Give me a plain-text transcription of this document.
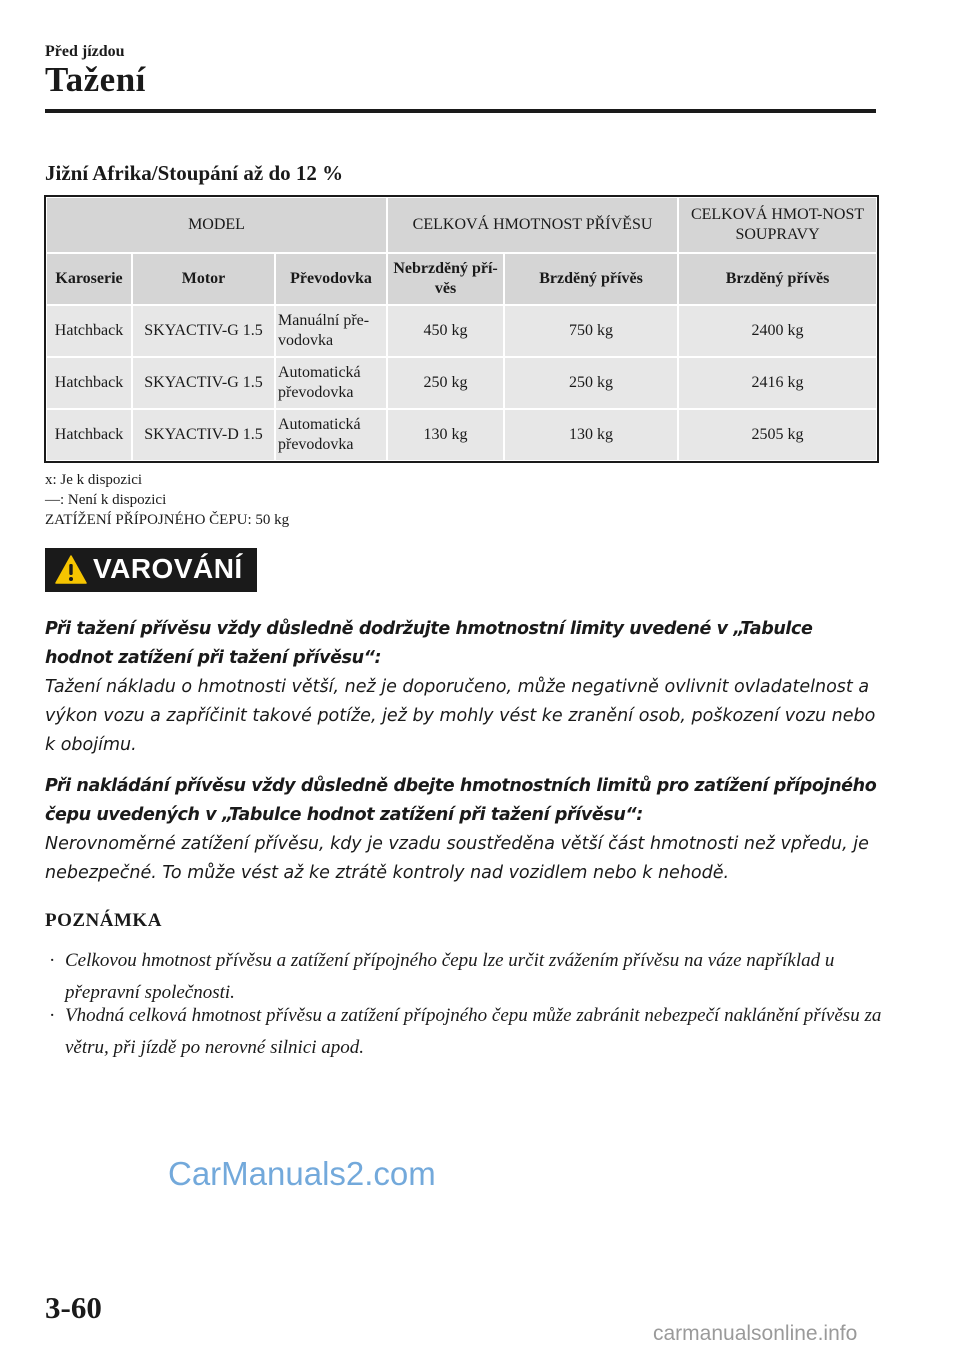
Před jízdou
Tažení
Jižní Afrika/Stoupání až do 12 %
MODEL			CELKOVÁ HMOTNOST PŘÍVĚSU		CELKOVÁ HMOT-NOST SOUPRAVY
Karoserie	Motor	Převodovka	Nebrzděný pří-věs	Brzděný přívěs	Brzděný přívěs
Hatchback	SKYACTIV-G 1.5	Manuální pře-vodovka	450 kg	750 kg	2400 kg
Hatchback	SKYACTIV-G 1.5	Automatická převodovka	250 kg	250 kg	2416 kg
Hatchback	SKYACTIV-D 1.5	Automatická převodovka	130 kg	130 kg	2505 kg
x: Je k dispozici
—: Není k dispozici
ZATÍŽENÍ PŘÍPOJNÉHO ČEPU: 50 kg
VAROVÁNÍ
Při tažení přívěsu vždy důsledně dodržujte hmotnostní limity uvedené v „Tabulce hodnot zatížení při tažení přívěsu“:
Tažení nákladu o hmotnosti větší, než je doporučeno, může negativně ovlivnit ovladatelnost a výkon vozu a zapříčinit takové potíže, jež by mohly vést ke zranění osob, poškození vozu nebo k obojímu.
Při nakládání přívěsu vždy důsledně dbejte hmotnostních limitů pro zatížení přípojného čepu uvedených v „Tabulce hodnot zatížení při tažení přívěsu“:
Nerovnoměrné zatížení přívěsu, kdy je vzadu soustředěna větší část hmotnosti než vpředu, je nebezpečné. To může vést až ke ztrátě kontroly nad vozidlem nebo k nehodě.
POZNÁMKA
· Celkovou hmotnost přívěsu a zatížení přípojného čepu lze určit zvážením přívěsu na váze například u přepravní společnosti.
· Vhodná celková hmotnost přívěsu a zatížení přípojného čepu může zabránit nebezpečí naklánění přívěsu za větru, při jízdě po nerovné silnici apod.
CarManuals2.com
3-60
carmanualsonline.info
